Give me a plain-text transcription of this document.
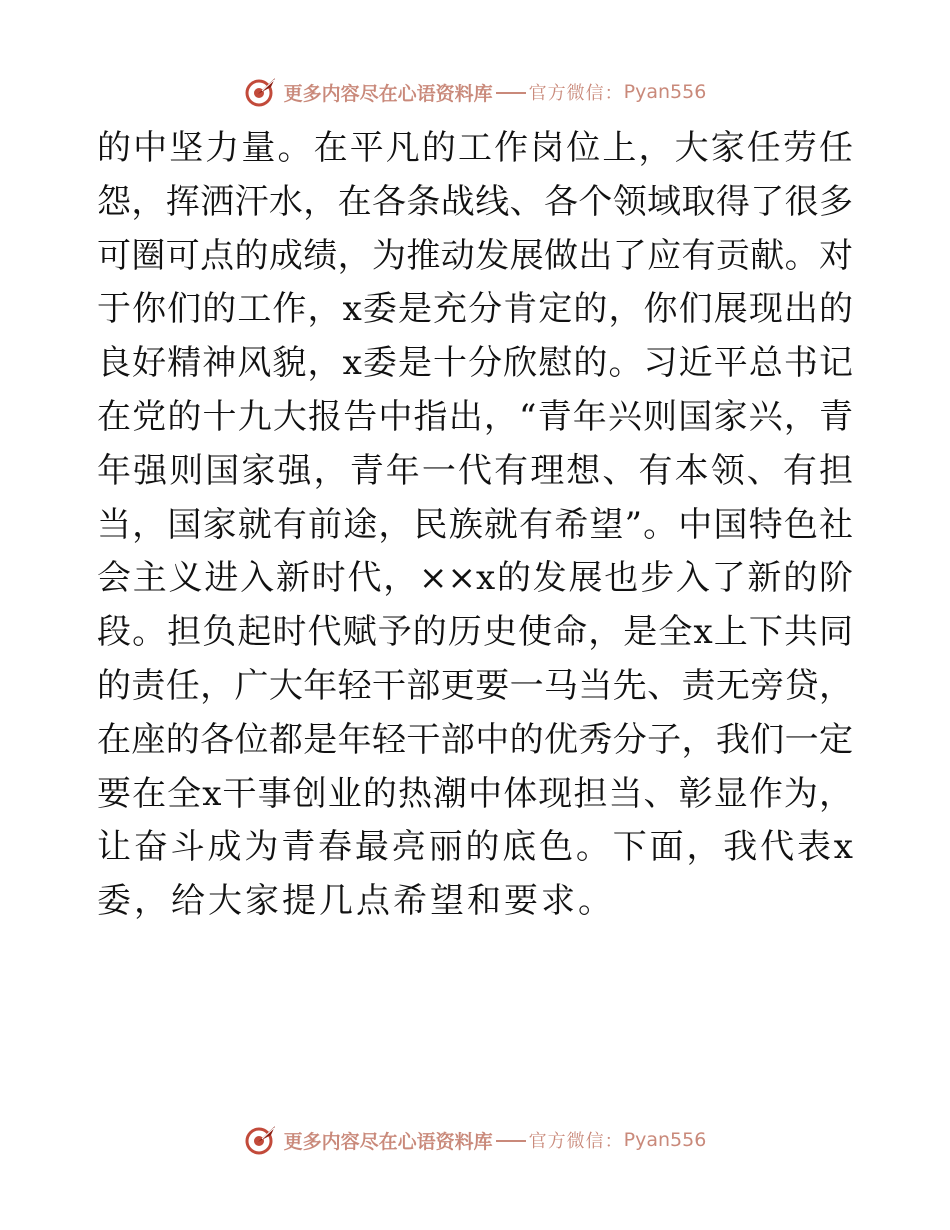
更多内容尽在心语资料库 官方微信： Pyan556
的中坚力量。在平凡的工作岗位上，大家任劳任
怨，挥洒汗水，在各条战线、各个领域取得了很多
可圈可点的成绩，为推动发展做出了应有贡献。对
于你们的工作，x委是充分肯定的，你们展现出的
良好精神风貌，x委是十分欣慰的。习近平总书记
在党的十九大报告中指出，“青年兴则国家兴，青
年强则国家强，青年一代有理想、有本领、有担
当，国家就有前途，民族就有希望”。中国特色社
会主义进入新时代，××x的发展也步入了新的阶
段。担负起时代赋予的历史使命，是全x上下共同
的责任，广大年轻干部更要一马当先、责无旁贷，
在座的各位都是年轻干部中的优秀分子，我们一定
要在全x干事创业的热潮中体现担当、彰显作为，
让奋斗成为青春最亮丽的底色。下面，我代表x
委，给大家提几点希望和要求。
更多内容尽在心语资料库 官方微信： Pyan556
